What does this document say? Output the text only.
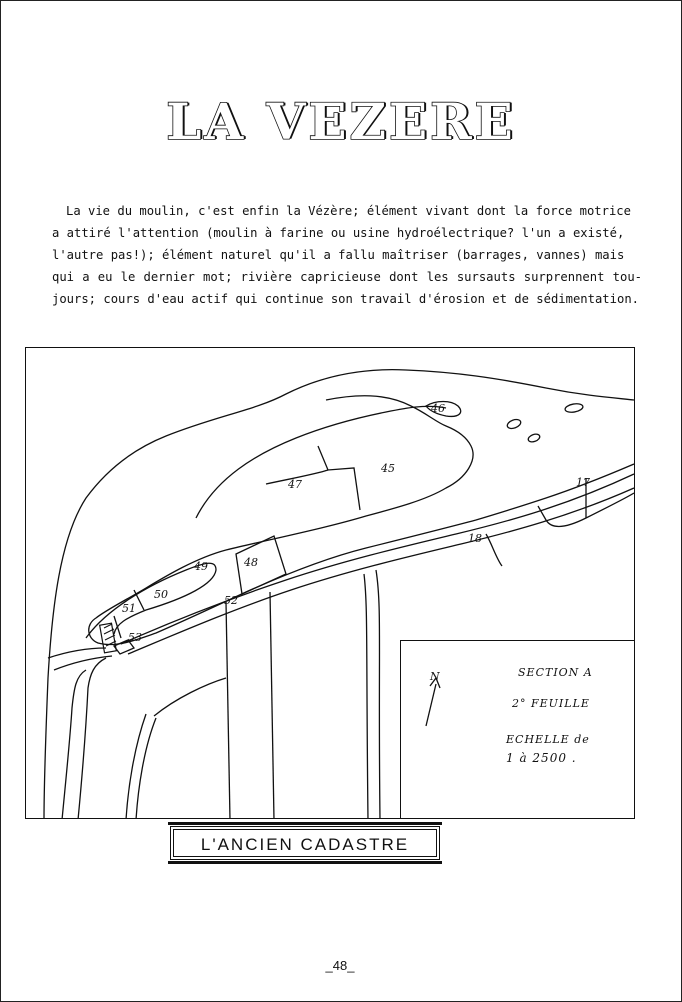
LA VEZERE
La vie du moulin, c'est enfin la Vézère; élément vivant dont la force motrice
a attiré l'attention (moulin à farine ou usine hydroélectrique? l'un a existé,
l'autre pas!); élément naturel qu'il a fallu maîtriser (barrages, vannes) mais
qui a eu le dernier mot; rivière capricieuse dont les sursauts surprennent tou-
jours; cours d'eau actif qui continue son travail d'érosion et de sédimentation.
46
45
47	17
18
48
49
50
51
52
53
N	SECTION A
2° FEUILLE
ECHELLE de
1 à 2500 .
L'ANCIEN CADASTRE
_48_
